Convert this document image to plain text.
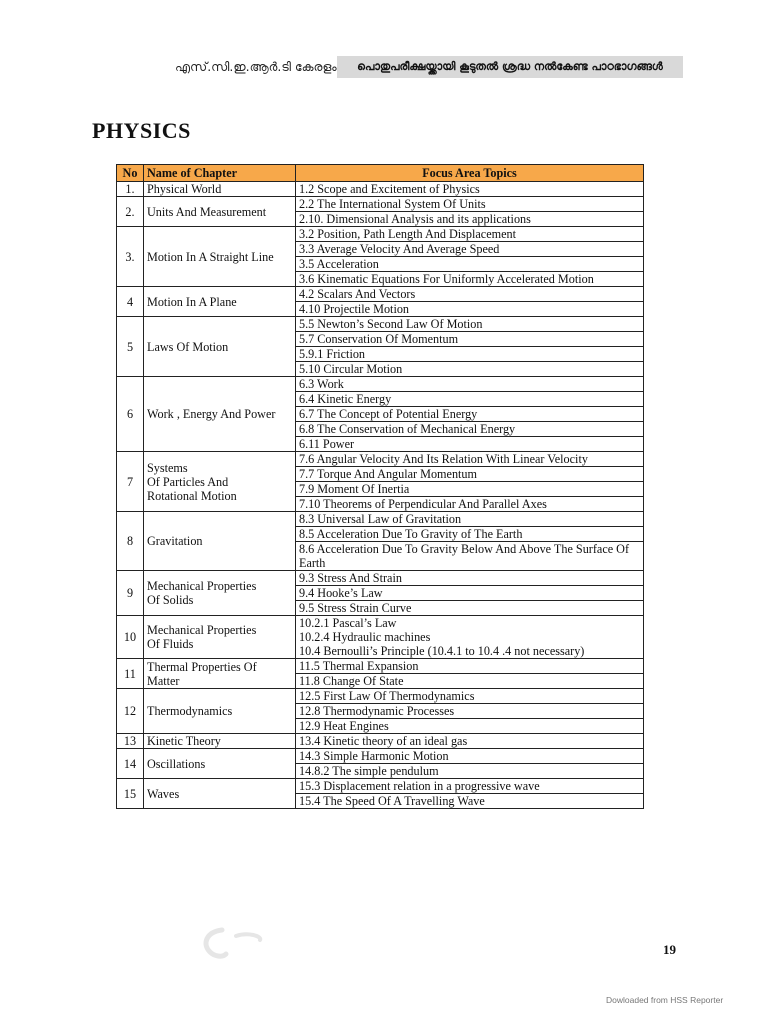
എസ്.സി.ഇ.ആർ.ടി കേരളം	പൊതുപരീക്ഷയ്ക്കായി കൂടുതൽ ശ്രദ്ധ നൽകേണ്ട പാഠഭാഗങ്ങൾ
PHYSICS
No	Name of Chapter	Focus Area Topics
1.	Physical World	1.2 Scope and Excitement of Physics
2.	Units And Measurement	2.2 The International System Of Units
		2.10. Dimensional Analysis and its applications
3.	Motion In A Straight Line	3.2 Position, Path Length And Displacement
		3.3 Average Velocity And Average Speed
		3.5 Acceleration
		3.6 Kinematic Equations For Uniformly Accelerated Motion
4	Motion In A Plane	4.2 Scalars And Vectors
		4.10 Projectile Motion
5	Laws Of Motion	5.5 Newton’s Second Law Of Motion
		5.7 Conservation Of Momentum
		5.9.1 Friction
		5.10 Circular Motion
6	Work , Energy And Power	6.3 Work
		6.4 Kinetic Energy
		6.7 The Concept of Potential Energy
		6.8 The Conservation of Mechanical Energy
		6.11 Power
7	Systems
Of Particles And
Rotational Motion	7.6 Angular Velocity And Its Relation With Linear Velocity
		7.7 Torque And Angular Momentum
		7.9 Moment Of Inertia
		7.10 Theorems of Perpendicular And Parallel Axes
8	Gravitation	8.3 Universal Law of Gravitation
		8.5 Acceleration Due To Gravity of The Earth
		8.6 Acceleration Due To Gravity Below And Above The Surface Of Earth
9	Mechanical Properties
Of Solids	9.3 Stress And Strain
		9.4 Hooke’s Law
		9.5 Stress Strain Curve
10	Mechanical Properties
Of Fluids	10.2.1 Pascal’s Law
10.2.4 Hydraulic machines
10.4 Bernoulli’s Principle (10.4.1 to 10.4 .4 not necessary)
11	Thermal Properties Of
Matter	11.5 Thermal Expansion
		11.8 Change Of State
12	Thermodynamics	12.5 First Law Of Thermodynamics
		12.8 Thermodynamic Processes
		12.9 Heat Engines
13	Kinetic Theory	13.4 Kinetic theory of an ideal gas
14	Oscillations	14.3 Simple Harmonic Motion
		14.8.2 The simple pendulum
15	Waves	15.3 Displacement relation in a progressive wave
		15.4 The Speed Of A Travelling Wave
19
Dowloaded from HSS Reporter
